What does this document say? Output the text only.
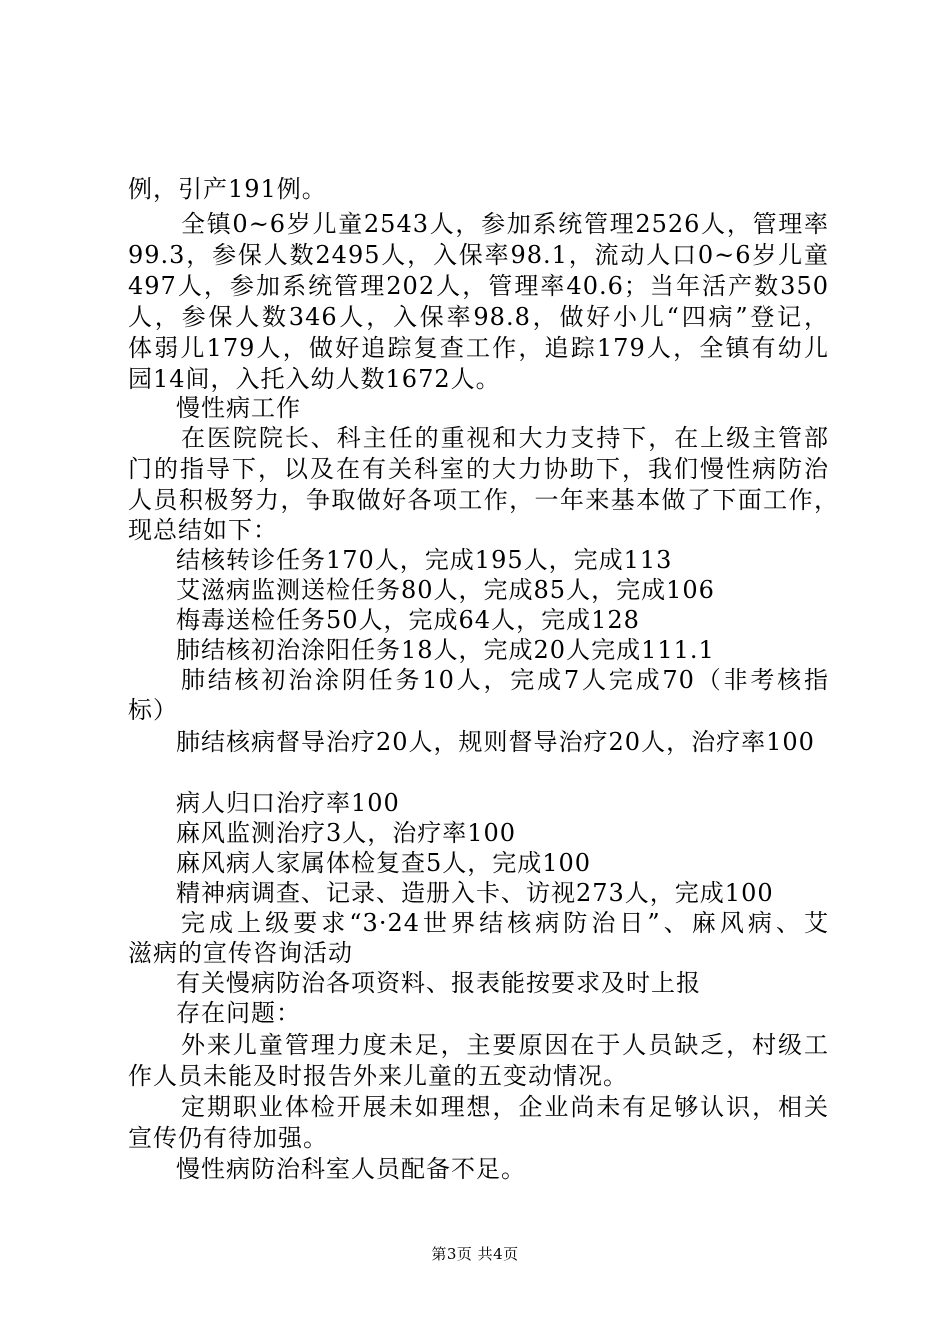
例，引产191例。
全镇0~6岁儿童2543人，参加系统管理2526人，管理率
99.3，参保人数2495人，入保率98.1，流动人口0~6岁儿童
497人，参加系统管理202人，管理率40.6；当年活产数350
人，参保人数346人，入保率98.8，做好小儿“四病”登记，
体弱儿179人，做好追踪复查工作，追踪179人，全镇有幼儿
园14间，入托入幼人数1672人。
慢性病工作
在医院院长、科主任的重视和大力支持下，在上级主管部
门的指导下，以及在有关科室的大力协助下，我们慢性病防治
人员积极努力，争取做好各项工作，一年来基本做了下面工作，
现总结如下：
结核转诊任务170人，完成195人，完成113
艾滋病监测送检任务80人，完成85人，完成106
梅毒送检任务50人，完成64人，完成128
肺结核初治涂阳任务18人，完成20人完成111.1
肺结核初治涂阴任务10人，完成7人完成70（非考核指
标）
肺结核病督导治疗20人，规则督导治疗20人，治疗率100
病人归口治疗率100
麻风监测治疗3人，治疗率100
麻风病人家属体检复查5人，完成100
精神病调查、记录、造册入卡、访视273人，完成100
完成上级要求“3·24世界结核病防治日”、麻风病、艾
滋病的宣传咨询活动
有关慢病防治各项资料、报表能按要求及时上报
存在问题：
外来儿童管理力度未足，主要原因在于人员缺乏，村级工
作人员未能及时报告外来儿童的五变动情况。
定期职业体检开展未如理想，企业尚未有足够认识，相关
宣传仍有待加强。
慢性病防治科室人员配备不足。
第3页 共4页
